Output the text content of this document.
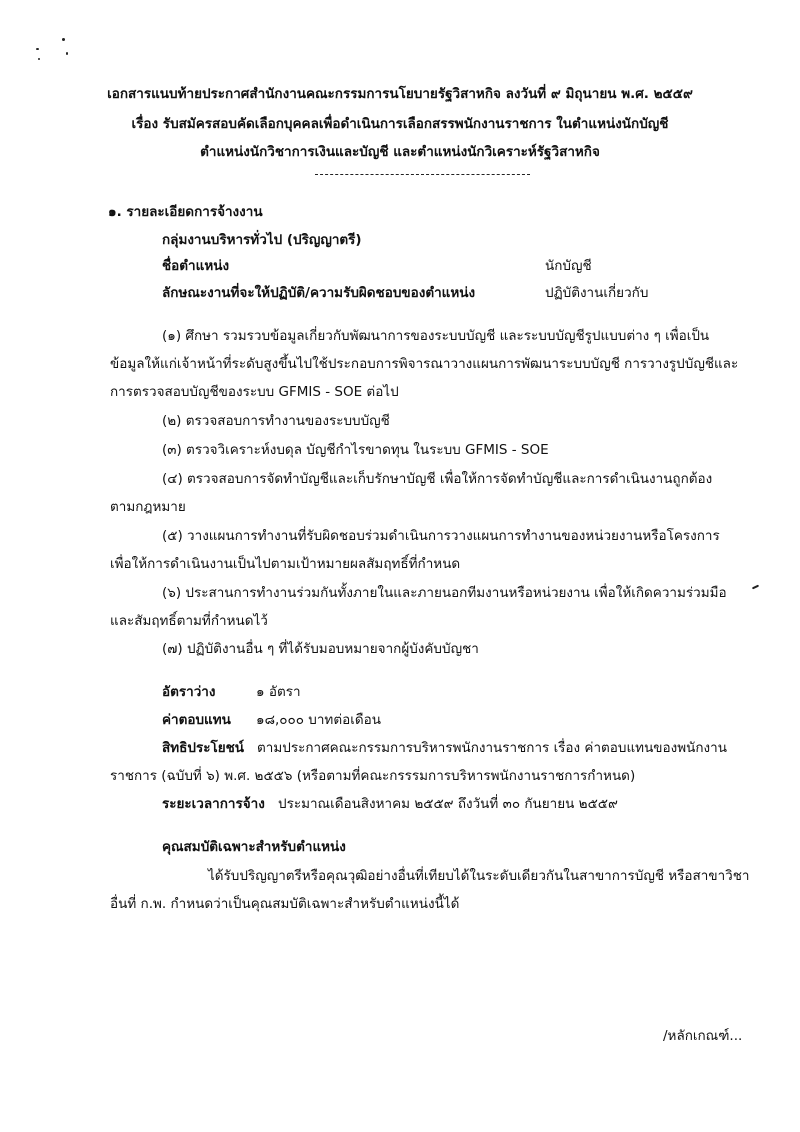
เอกสารแนบท้ายประกาศสำนักงานคณะกรรมการนโยบายรัฐวิสาหกิจ ลงวันที่ ๙ มิถุนายน พ.ศ. ๒๕๕๙
เรื่อง รับสมัครสอบคัดเลือกบุคคลเพื่อดำเนินการเลือกสรรพนักงานราชการ ในตำแหน่งนักบัญชี
ตำแหน่งนักวิชาการเงินและบัญชี และตำแหน่งนักวิเคราะห์รัฐวิสาหกิจ
๑. รายละเอียดการจ้างงาน
กลุ่มงานบริหารทั่วไป (ปริญญาตรี)
ชื่อตำแหน่ง	นักบัญชี
ลักษณะงานที่จะให้ปฏิบัติ/ความรับผิดชอบของตำแหน่ง	ปฏิบัติงานเกี่ยวกับ
(๑) ศึกษา รวมรวบข้อมูลเกี่ยวกับพัฒนาการของระบบบัญชี และระบบบัญชีรูปแบบต่าง ๆ เพื่อเป็น
ข้อมูลให้แก่เจ้าหน้าที่ระดับสูงขึ้นไปใช้ประกอบการพิจารณาวางแผนการพัฒนาระบบบัญชี การวางรูปบัญชีและ
การตรวจสอบบัญชีของระบบ GFMIS - SOE ต่อไป
(๒) ตรวจสอบการทำงานของระบบบัญชี
(๓) ตรวจวิเคราะห์งบดุล บัญชีกำไรขาดทุน ในระบบ GFMIS - SOE
(๔) ตรวจสอบการจัดทำบัญชีและเก็บรักษาบัญชี เพื่อให้การจัดทำบัญชีและการดำเนินงานถูกต้อง
ตามกฎหมาย
(๕) วางแผนการทำงานที่รับผิดชอบร่วมดำเนินการวางแผนการทำงานของหน่วยงานหรือโครงการ
เพื่อให้การดำเนินงานเป็นไปตามเป้าหมายผลสัมฤทธิ์ที่กำหนด
(๖) ประสานการทำงานร่วมกันทั้งภายในและภายนอกทีมงานหรือหน่วยงาน เพื่อให้เกิดความร่วมมือ
และสัมฤทธิ์ตามที่กำหนดไว้
(๗) ปฏิบัติงานอื่น ๆ ที่ได้รับมอบหมายจากผู้บังคับบัญชา
อัตราว่าง	๑ อัตรา
ค่าตอบแทน ๑๘,๐๐๐ บาทต่อเดือน
สิทธิประโยชน์ ตามประกาศคณะกรรมการบริหารพนักงานราชการ เรื่อง ค่าตอบแทนของพนักงาน
ราชการ (ฉบับที่ ๖) พ.ศ. ๒๕๕๖ (หรือตามที่คณะกรรรมการบริหารพนักงานราชการกำหนด)
ระยะเวลาการจ้าง ประมาณเดือนสิงหาคม ๒๕๕๙ ถึงวันที่ ๓๐ กันยายน ๒๕๕๙
คุณสมบัติเฉพาะสำหรับตำแหน่ง
ได้รับปริญญาตรีหรือคุณวุฒิอย่างอื่นที่เทียบได้ในระดับเดียวกันในสาขาการบัญชี หรือสาขาวิชา
อื่นที่ ก.พ. กำหนดว่าเป็นคุณสมบัติเฉพาะสำหรับตำแหน่งนี้ได้
/หลักเกณฑ์...
